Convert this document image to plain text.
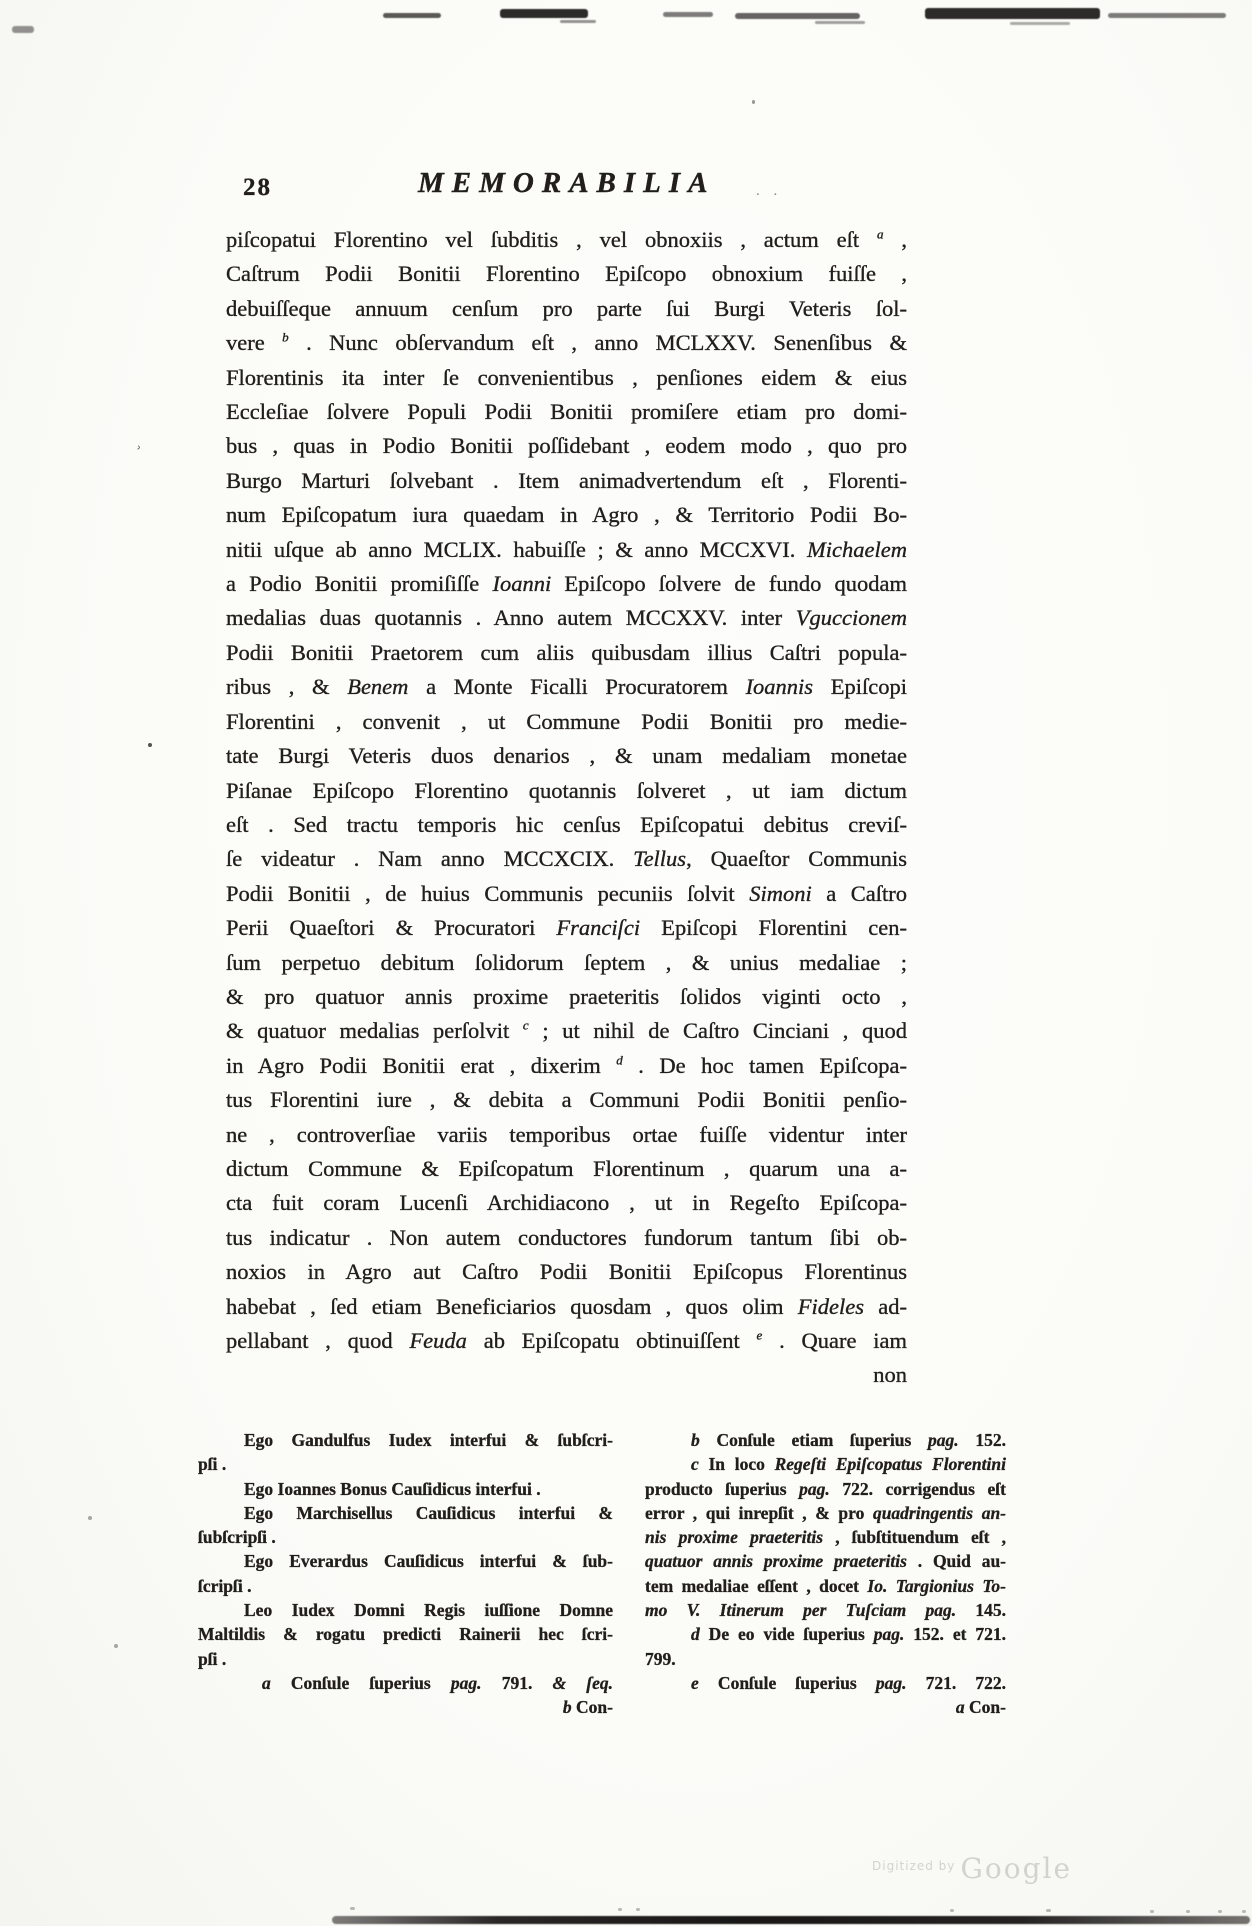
ʾ
28	MEMORABILIA	. .
piſcopatui Florentino vel ſubditis , vel obnoxiis , actum eſt $^a$ ,
Caſtrum Podii Bonitii Florentino Epiſcopo obnoxium fuiſſe ,
debuiſſeque annuum cenſum pro parte ſui Burgi Veteris ſol-
vere $^b$ . Nunc obſervandum eſt , anno MCLXXV. Senenſibus &
Florentinis ita inter ſe convenientibus , penſiones eidem & eius
Eccleſiae ſolvere Populi Podii Bonitii promiſere etiam pro domi-
bus , quas in Podio Bonitii poſſidebant , eodem modo , quo pro
Burgo Marturi ſolvebant . Item animadvertendum eſt , Florenti-
num Epiſcopatum iura quaedam in Agro , & Territorio Podii Bo-
nitii uſque ab anno MCLIX. habuiſſe ; & anno MCCXVI. Michaelem
a Podio Bonitii promiſiſſe Ioanni Epiſcopo ſolvere de fundo quodam
medalias duas quotannis . Anno autem MCCXXV. inter Vguccionem
Podii Bonitii Praetorem cum aliis quibusdam illius Caſtri popula-
ribus , & Benem a Monte Ficalli Procuratorem Ioannis Epiſcopi
Florentini , convenit , ut Commune Podii Bonitii pro medie-
tate Burgi Veteris duos denarios , & unam medaliam monetae
Piſanae Epiſcopo Florentino quotannis ſolveret , ut iam dictum
eſt . Sed tractu temporis hic cenſus Epiſcopatui debitus creviſ-
ſe videatur . Nam anno MCCXCIX. Tellus, Quaeſtor Communis
Podii Bonitii , de huius Communis pecuniis ſolvit Simoni a Caſtro
Perii Quaeſtori & Procuratori Franciſci Epiſcopi Florentini cen-
ſum perpetuo debitum ſolidorum ſeptem , & unius medaliae ;
& pro quatuor annis proxime praeteritis ſolidos viginti octo ,
& quatuor medalias perſolvit $^c$ ; ut nihil de Caſtro Cinciani , quod
in Agro Podii Bonitii erat , dixerim $^d$ . De hoc tamen Epiſcopa-
tus Florentini iure , & debita a Communi Podii Bonitii penſio-
ne , controverſiae variis temporibus ortae fuiſſe videntur inter
dictum Commune & Epiſcopatum Florentinum , quarum una a-
cta fuit coram Lucenſi Archidiacono , ut in Regeſto Epiſcopa-
tus indicatur . Non autem conductores fundorum tantum ſibi ob-
noxios in Agro aut Caſtro Podii Bonitii Epiſcopus Florentinus
habebat , ſed etiam Beneficiarios quosdam , quos olim Fideles ad-
pellabant , quod Feuda ab Epiſcopatu obtinuiſſent $^e$ . Quare iam
non
Ego Gandulfus Iudex interfui & ſubſcri-
pſi .
Ego Ioannes Bonus Cauſidicus interfui .
Ego Marchisellus Cauſidicus interfui &
ſubſcripſi .
Ego Everardus Cauſidicus interfui & ſub-
ſcripſi .
Leo Iudex Domni Regis iuſſione Domne
Maltildis & rogatu predicti Rainerii hec ſcri-
pſi .
a Conſule ſuperius pag. 791. & ſeq.
b Con-
b Conſule etiam ſuperius pag. 152.
c In loco Regeſti Epiſcopatus Florentini
producto ſuperius pag. 722. corrigendus eſt
error , qui inrepſit , & pro quadringentis an-
nis proxime praeteritis , ſubſtituendum eſt ,
quatuor annis proxime praeteritis . Quid au-
tem medaliae eſſent , docet Io. Targionius To-
mo V. Itinerum per Tuſciam pag. 145.
d De eo vide ſuperius pag. 152. et 721.
799.
e Conſule ſuperius pag. 721. 722.
a Con-
$^{Digitized by}$ Google
